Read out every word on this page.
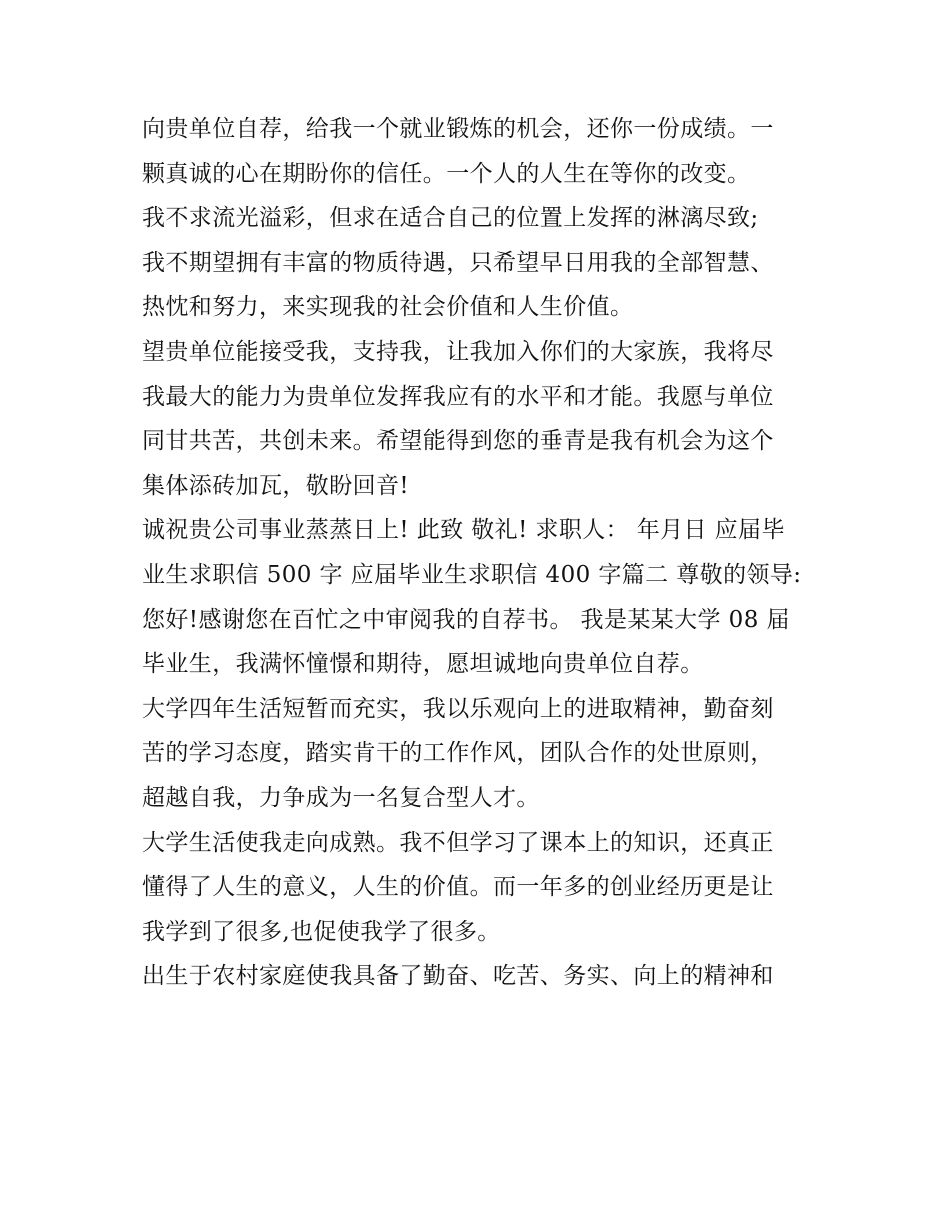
向贵单位自荐，给我一个就业锻炼的机会，还你一份成绩。一
颗真诚的心在期盼你的信任。一个人的人生在等你的改变。
我不求流光溢彩，但求在适合自己的位置上发挥的淋漓尽致;
我不期望拥有丰富的物质待遇，只希望早日用我的全部智慧、
热忱和努力，来实现我的社会价值和人生价值。
望贵单位能接受我，支持我，让我加入你们的大家族，我将尽
我最大的能力为贵单位发挥我应有的水平和才能。我愿与单位
同甘共苦，共创未来。希望能得到您的垂青是我有机会为这个
集体添砖加瓦，敬盼回音!
诚祝贵公司事业蒸蒸日上! 此致 敬礼! 求职人： 年月日 应届毕
业生求职信 500 字 应届毕业生求职信 400 字篇二 尊敬的领导:
您好!感谢您在百忙之中审阅我的自荐书。 我是某某大学 08 届
毕业生，我满怀憧憬和期待，愿坦诚地向贵单位自荐。
大学四年生活短暂而充实，我以乐观向上的进取精神，勤奋刻
苦的学习态度，踏实肯干的工作作风，团队合作的处世原则，
超越自我，力争成为一名复合型人才。
大学生活使我走向成熟。我不但学习了课本上的知识，还真正
懂得了人生的意义，人生的价值。而一年多的创业经历更是让
我学到了很多,也促使我学了很多。
出生于农村家庭使我具备了勤奋、吃苦、务实、向上的精神和
